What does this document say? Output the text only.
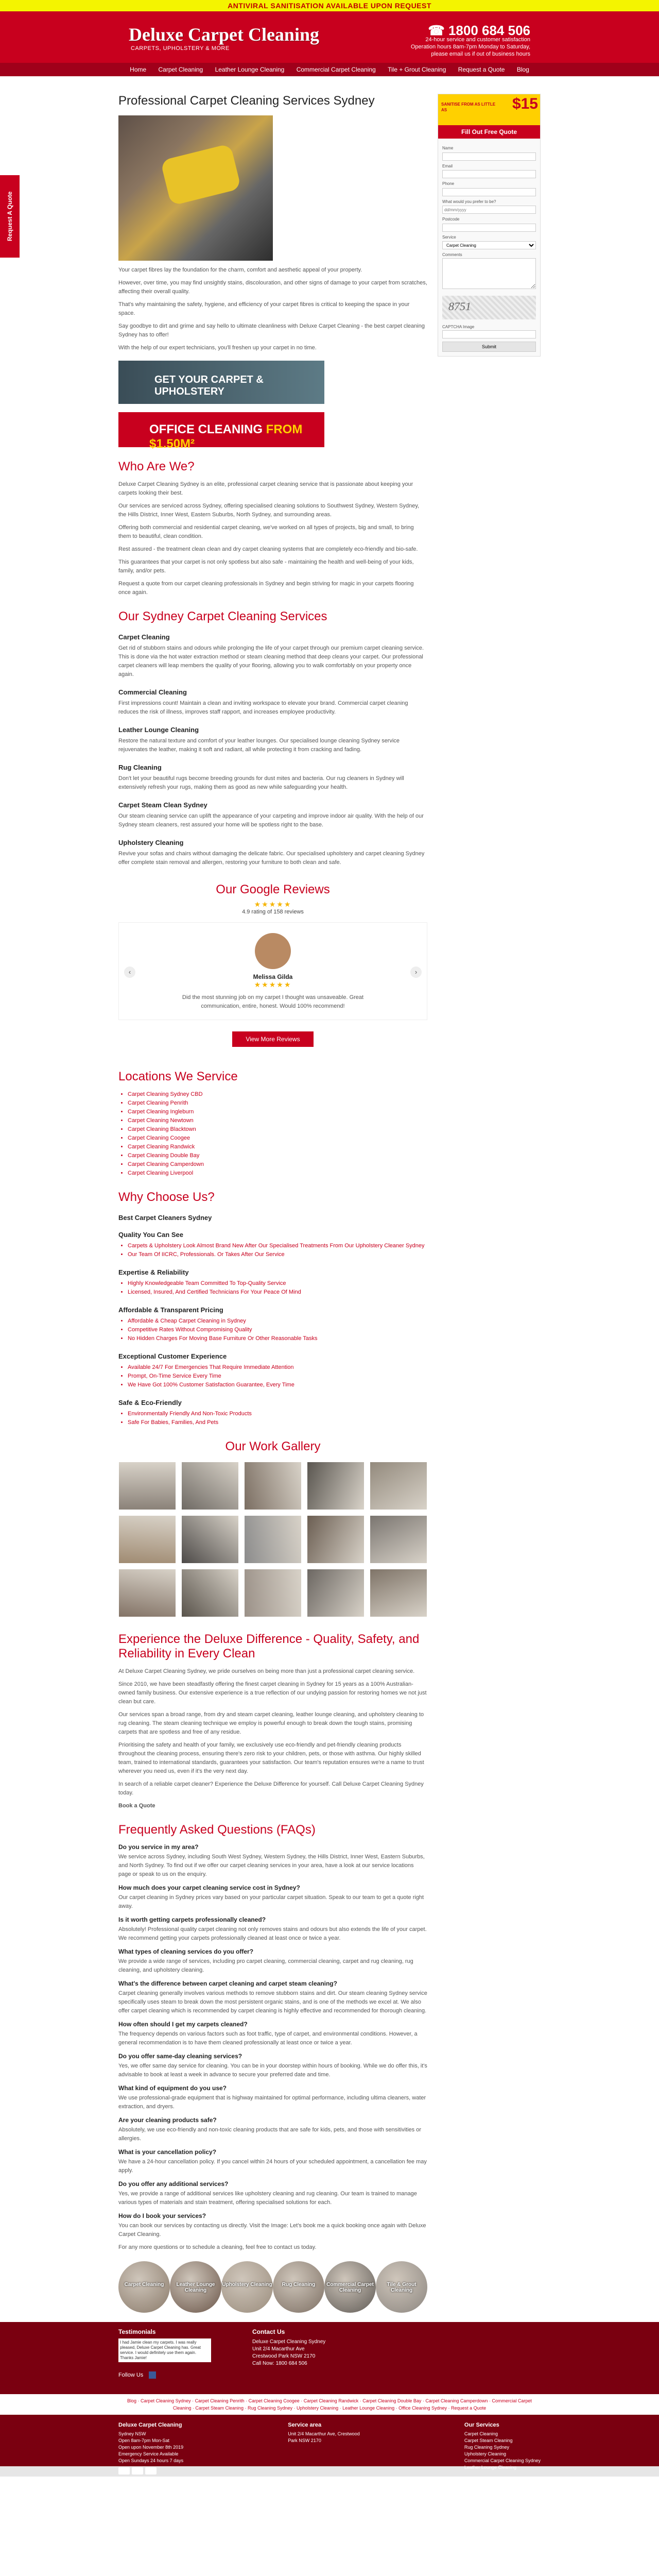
ANTIVIRAL SANITISATION AVAILABLE UPON REQUEST
Deluxe Carpet Cleaning
CARPETS, UPHOLSTERY & MORE
☎ 1800 684 506
24-hour service and customer satisfaction
Operation hours 8am-7pm Monday to Saturday,
please email us if out of business hours
Home Carpet Cleaning Leather Lounge Cleaning Commercial Carpet Cleaning Tile + Grout Cleaning Request a Quote Blog
Request A Quote
Professional Carpet Cleaning Services Sydney

Your carpet fibres lay the foundation for the charm, comfort and aesthetic appeal of your property.

However, over time, you may find unsightly stains, discolouration, and other signs of damage to your carpet from scratches, affecting their overall quality.

That's why maintaining the safety, hygiene, and efficiency of your carpet fibres is critical to keeping the space in your space.

Say goodbye to dirt and grime and say hello to ultimate cleanliness with Deluxe Carpet Cleaning - the best carpet cleaning Sydney has to offer!

With the help of our expert technicians, you'll freshen up your carpet in no time.

GET YOUR CARPET & UPHOLSTERY
OFFICE CLEANING FROM $1.50M²
Who Are We?

Deluxe Carpet Cleaning Sydney is an elite, professional carpet cleaning service that is passionate about keeping your carpets looking their best.

Our services are serviced across Sydney, offering specialised cleaning solutions to Southwest Sydney, Western Sydney, the Hills District, Inner West, Eastern Suburbs, North Sydney, and surrounding areas.

Offering both commercial and residential carpet cleaning, we've worked on all types of projects, big and small, to bring them to beautiful, clean condition.

Rest assured - the treatment clean clean and dry carpet cleaning systems that are completely eco-friendly and bio-safe.

This guarantees that your carpet is not only spotless but also safe - maintaining the health and well-being of your kids, family, and/or pets.

Request a quote from our carpet cleaning professionals in Sydney and begin striving for magic in your carpets flooring once again.

Our Sydney Carpet Cleaning Services
Carpet Cleaning

Get rid of stubborn stains and odours while prolonging the life of your carpet through our premium carpet cleaning service. This is done via the hot water extraction method or steam cleaning method that deep cleans your carpet. Our professional carpet cleaners will leap members the quality of your flooring, allowing you to walk comfortably on your property once again.

Commercial Cleaning

First impressions count! Maintain a clean and inviting workspace to elevate your brand. Commercial carpet cleaning reduces the risk of illness, improves staff rapport, and increases employee productivity.

Leather Lounge Cleaning

Restore the natural texture and comfort of your leather lounges. Our specialised lounge cleaning Sydney service rejuvenates the leather, making it soft and radiant, all while protecting it from cracking and fading.

Rug Cleaning

Don't let your beautiful rugs become breeding grounds for dust mites and bacteria. Our rug cleaners in Sydney will extensively refresh your rugs, making them as good as new while safeguarding your health.

Carpet Steam Clean Sydney

Our steam cleaning service can uplift the appearance of your carpeting and improve indoor air quality. With the help of our Sydney steam cleaners, rest assured your home will be spotless right to the base.

Upholstery Cleaning

Revive your sofas and chairs without damaging the delicate fabric. Our specialised upholstery and carpet cleaning Sydney offer complete stain removal and allergen, restoring your furniture to both clean and safe.

Our Google Reviews
★★★★★
4.9 rating of 158 reviews
‹
Melissa Gilda
★★★★★

Did the most stunning job on my carpet I thought was unsaveable. Great communication, entire, honest. Would 100% recommend!

›
View More Reviews
Locations We Service
• Carpet Cleaning Sydney CBD
• Carpet Cleaning Penrith
• Carpet Cleaning Ingleburn
• Carpet Cleaning Newtown
• Carpet Cleaning Blacktown
• Carpet Cleaning Coogee
• Carpet Cleaning Randwick
• Carpet Cleaning Double Bay
• Carpet Cleaning Camperdown
• Carpet Cleaning Liverpool
Why Choose Us?
Best Carpet Cleaners Sydney
Quality You Can See
• Carpets & Upholstery Look Almost Brand New After Our Specialised Treatments From Our Upholstery Cleaner Sydney
• Our Team Of IICRC, Professionals. Or Takes After Our Service
Expertise & Reliability
• Highly Knowledgeable Team Committed To Top-Quality Service
• Licensed, Insured, And Certified Technicians For Your Peace Of Mind
Affordable & Transparent Pricing
• Affordable & Cheap Carpet Cleaning in Sydney
• Competitive Rates Without Compromising Quality
• No Hidden Charges For Moving Base Furniture Or Other Reasonable Tasks
Exceptional Customer Experience
• Available 24/7 For Emergencies That Require Immediate Attention
• Prompt, On-Time Service Every Time
• We Have Got 100% Customer Satisfaction Guarantee, Every Time
Safe & Eco-Friendly
• Environmentally Friendly And Non-Toxic Products
• Safe For Babies, Families, And Pets
Our Work Gallery
Experience the Deluxe Difference - Quality, Safety, and Reliability in Every Clean

At Deluxe Carpet Cleaning Sydney, we pride ourselves on being more than just a professional carpet cleaning service.

Since 2010, we have been steadfastly offering the finest carpet cleaning in Sydney for 15 years as a 100% Australian-owned family business. Our extensive experience is a true reflection of our undying passion for restoring homes we not just clean but care.

Our services span a broad range, from dry and steam carpet cleaning, leather lounge cleaning, and upholstery cleaning to rug cleaning. The steam cleaning technique we employ is powerful enough to break down the tough stains, promising carpets that are spotless and free of any residue.

Prioritising the safety and health of your family, we exclusively use eco-friendly and pet-friendly cleaning products throughout the cleaning process, ensuring there's zero risk to your children, pets, or those with asthma. Our highly skilled team, trained to international standards, guarantees your satisfaction. Our team's reputation ensures we're a name to trust wherever you need us, even if it's the very next day.

In search of a reliable carpet cleaner? Experience the Deluxe Difference for yourself. Call Deluxe Carpet Cleaning Sydney today.

Book a Quote

Frequently Asked Questions (FAQs)
Do you service in my area?

We service across Sydney, including South West Sydney, Western Sydney, the Hills District, Inner West, Eastern Suburbs, and North Sydney. To find out if we offer our carpet cleaning services in your area, have a look at our service locations page or speak to us on the enquiry.

How much does your carpet cleaning service cost in Sydney?

Our carpet cleaning in Sydney prices vary based on your particular carpet situation. Speak to our team to get a quote right away.

Is it worth getting carpets professionally cleaned?

Absolutely! Professional quality carpet cleaning not only removes stains and odours but also extends the life of your carpet. We recommend getting your carpets professionally cleaned at least once or twice a year.

What types of cleaning services do you offer?

We provide a wide range of services, including pro carpet cleaning, commercial cleaning, carpet and rug cleaning, rug cleaning, and upholstery cleaning.

What's the difference between carpet cleaning and carpet steam cleaning?

Carpet cleaning generally involves various methods to remove stubborn stains and dirt. Our steam cleaning Sydney service specifically uses steam to break down the most persistent organic stains, and is one of the methods we excel at. We also offer carpet cleaning which is recommended by carpet cleaning is highly effective and recommended for thorough cleaning.

How often should I get my carpets cleaned?

The frequency depends on various factors such as foot traffic, type of carpet, and environmental conditions. However, a general recommendation is to have them cleaned professionally at least once or twice a year.

Do you offer same-day cleaning services?

Yes, we offer same day service for cleaning. You can be in your doorstep within hours of booking. While we do offer this, it's advisable to book at least a week in advance to secure your preferred date and time.

What kind of equipment do you use?

We use professional-grade equipment that is highway maintained for optimal performance, including ultima cleaners, water extraction, and dryers.

Are your cleaning products safe?

Absolutely, we use eco-friendly and non-toxic cleaning products that are safe for kids, pets, and those with sensitivities or allergies.

What is your cancellation policy?

We have a 24-hour cancellation policy. If you cancel within 24 hours of your scheduled appointment, a cancellation fee may apply.

Do you offer any additional services?

Yes, we provide a range of additional services like upholstery cleaning and rug cleaning. Our team is trained to manage various types of materials and stain treatment, offering specialised solutions for each.

How do I book your services?

You can book our services by contacting us directly. Visit the Image: Let's book me a quick booking once again with Deluxe Carpet Cleaning.

For any more questions or to schedule a cleaning, feel free to contact us today.

Carpet Cleaning	Leather Lounge Cleaning
Upholstery Cleaning	Rug Cleaning	Commercial Carpet Cleaning
Tile & Grout Cleaning
SANITISE FROM AS LITTLE AS	$15
Fill Out Free Quote
Name
Email
Phone
What would you prefer to be?
dd/mm/yyyy
Postcode
Service
Carpet Cleaning
Comments
8751
CAPTCHA Image
Submit
Testimonials
I had Jamie clean my carpets. I was really pleased, Deluxe Carpet Cleaning has. Great service. I would definitely use them again. Thanks Jamie!
Contact Us
Deluxe Carpet Cleaning Sydney
Unit 2/4 Macarthur Ave
Crestwood Park NSW 2170
Call Now: 1800 684 506
Follow Us
Blog · Carpet Cleaning Sydney · Carpet Cleaning Penrith · Carpet Cleaning Coogee · Carpet Cleaning Randwick · Carpet Cleaning Double Bay · Carpet Cleaning Camperdown · Commercial Carpet Cleaning · Carpet Steam Cleaning · Rug Cleaning Sydney · Upholstery Cleaning · Leather Lounge Cleaning · Office Cleaning Sydney · Request a Quote
Deluxe Carpet Cleaning
Sydney NSW
Open 8am-7pm Mon-Sat
Open upon November 8th 2019
Emergency Service Available
Open Sundays 24 hours 7 days
Service area
Unit 2/4 Macarthur Ave, Crestwood
Park NSW 2170
Our Services
Carpet Cleaning
Carpet Steam Cleaning
Rug Cleaning Sydney
Upholstery Cleaning
Commercial Carpet Cleaning Sydney
Leather Lounge Cleaning
